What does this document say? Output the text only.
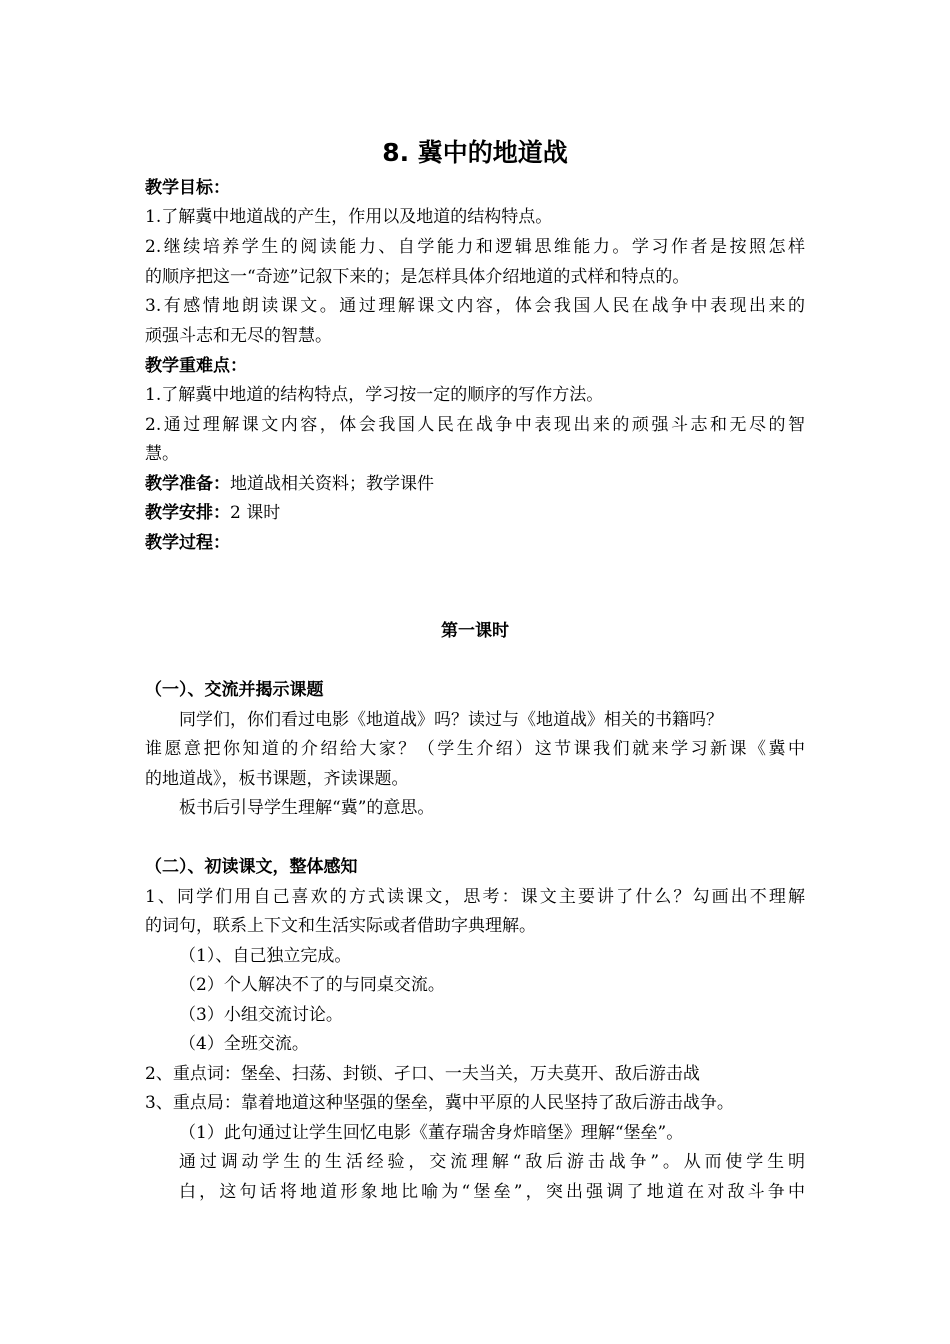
8. 冀中的地道战
教学目标：
1.了解冀中地道战的产生，作用以及地道的结构特点。
2.继续培养学生的阅读能力、自学能力和逻辑思维能力。学习作者是按照怎样
的顺序把这一“奇迹”记叙下来的；是怎样具体介绍地道的式样和特点的。
3.有感情地朗读课文。通过理解课文内容，体会我国人民在战争中表现出来的
顽强斗志和无尽的智慧。
教学重难点：
1.了解冀中地道的结构特点，学习按一定的顺序的写作方法。
2.通过理解课文内容，体会我国人民在战争中表现出来的顽强斗志和无尽的智
慧。
教学准备：地道战相关资料；教学课件
教学安排：2 课时
教学过程：
第一课时
（一）、交流并揭示课题
同学们，你们看过电影《地道战》吗？读过与《地道战》相关的书籍吗？
谁愿意把你知道的介绍给大家？（学生介绍）这节课我们就来学习新课《冀中
的地道战》，板书课题，齐读课题。
板书后引导学生理解“冀”的意思。
（二）、初读课文，整体感知
1、同学们用自己喜欢的方式读课文，思考：课文主要讲了什么？勾画出不理解
的词句，联系上下文和生活实际或者借助字典理解。
（1）、自己独立完成。
（2）个人解决不了的与同桌交流。
（3）小组交流讨论。
（4）全班交流。
2、重点词：堡垒、扫荡、封锁、孑口、一夫当关，万夫莫开、敌后游击战
3、重点局：靠着地道这种坚强的堡垒，冀中平原的人民坚持了敌后游击战争。
（1）此句通过让学生回忆电影《董存瑞舍身炸暗堡》理解“堡垒”。
通过调动学生的生活经验，交流理解“敌后游击战争”。从而使学生明
白，这句话将地道形象地比喻为“堡垒”，突出强调了地道在对敌斗争中
